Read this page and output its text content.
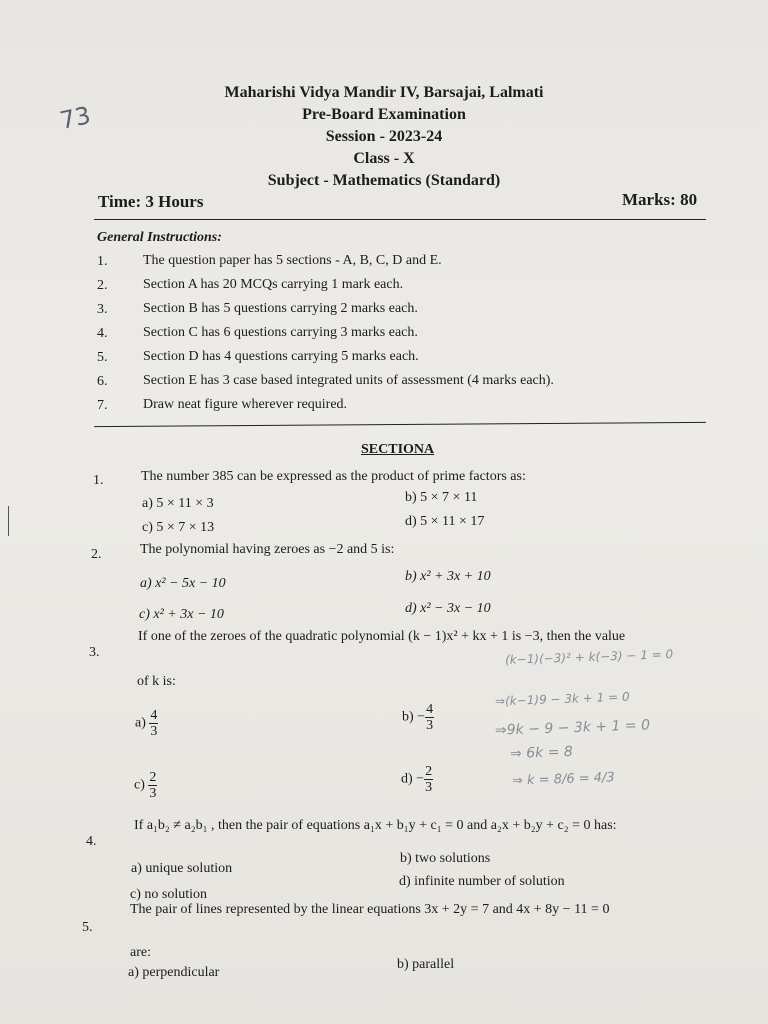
73
Maharishi Vidya Mandir IV, Barsajai, Lalmati
Pre-Board Examination
Session - 2023-24
Class - X
Subject - Mathematics (Standard)
Time: 3 Hours	Marks: 80
General Instructions:
1.	The question paper has 5 sections - A, B, C, D and E.
2.	Section A has 20 MCQs carrying 1 mark each.
3.	Section B has 5 questions carrying 2 marks each.
4.	Section C has 6 questions carrying 3 marks each.
5.	Section D has 4 questions carrying 5 marks each.
6.	Section E has 3 case based integrated units of assessment (4 marks each).
7.	Draw neat figure wherever required.
SECTIONA
1.	The number 385 can be expressed as the product of prime factors as:
a) 5 × 11 × 3	b) 5 × 7 × 11
c) 5 × 7 × 13	d) 5 × 11 × 17
2.	The polynomial having zeroes as −2 and 5 is:
a) x² − 5x − 10	b) x² + 3x + 10
c) x² + 3x − 10	d) x² − 3x − 10
3.
If one of the zeroes of the quadratic polynomial (k − 1)x² + kx + 1 is −3, then the value
of k is:
$a) \frac{4}{3}$	$b) - \frac{4}{3}$
$c) \frac{2}{3}$	$d) - \frac{2}{3}$
(k−1)(−3)² + k(−3) − 1 = 0
⇒(k−1)9 − 3k + 1 = 0
⇒9k − 9 − 3k + 1 = 0
⇒ 6k = 8
⇒ k = 8/6 = 4/3
4.
If a₁b₂ ≠ a₂b₁ , then the pair of equations a₁x + b₁y + c₁ = 0 and a₂x + b₂y + c₂ = 0 has:
a) unique solution
b) two solutions
c) no solution
d) infinite number of solution
5.
The pair of lines represented by the linear equations 3x + 2y = 7 and 4x + 8y − 11 = 0
are:
a) perpendicular
b) parallel
